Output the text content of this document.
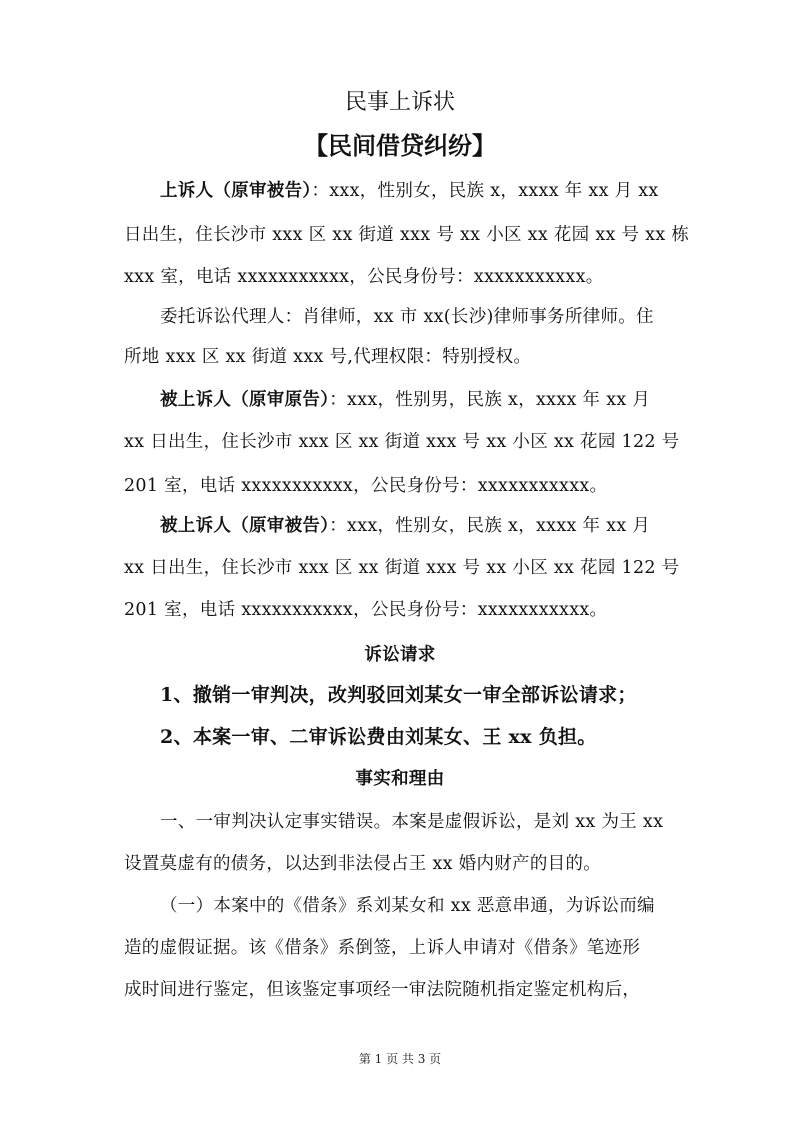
民事上诉状
【民间借贷纠纷】
上诉人（原审被告）：xxx，性别女，民族 x，xxxx 年 xx 月 xx
日出生，住长沙市 xxx 区 xx 街道 xxx 号 xx 小区 xx 花园 xx 号 xx 栋
xxx 室，电话 xxxxxxxxxxx，公民身份号：xxxxxxxxxxx。
委托诉讼代理人：肖律师，xx 市 xx(长沙)律师事务所律师。住
所地 xxx 区 xx 街道 xxx 号,代理权限：特别授权。
被上诉人（原审原告）：xxx，性别男，民族 x，xxxx 年 xx 月
xx 日出生，住长沙市 xxx 区 xx 街道 xxx 号 xx 小区 xx 花园 122 号
201 室，电话 xxxxxxxxxxx，公民身份号：xxxxxxxxxxx。
被上诉人（原审被告）：xxx，性别女，民族 x，xxxx 年 xx 月
xx 日出生，住长沙市 xxx 区 xx 街道 xxx 号 xx 小区 xx 花园 122 号
201 室，电话 xxxxxxxxxxx，公民身份号：xxxxxxxxxxx。
诉讼请求
1、撤销一审判决，改判驳回刘某女一审全部诉讼请求；
2、本案一审、二审诉讼费由刘某女、王 xx 负担。
事实和理由
一、一审判决认定事实错误。本案是虚假诉讼，是刘 xx 为王 xx
设置莫虚有的债务，以达到非法侵占王 xx 婚内财产的目的。
（一）本案中的《借条》系刘某女和 xx 恶意串通，为诉讼而编
造的虚假证据。该《借条》系倒签，上诉人申请对《借条》笔迹形
成时间进行鉴定，但该鉴定事项经一审法院随机指定鉴定机构后，
第 1 页 共 3 页
